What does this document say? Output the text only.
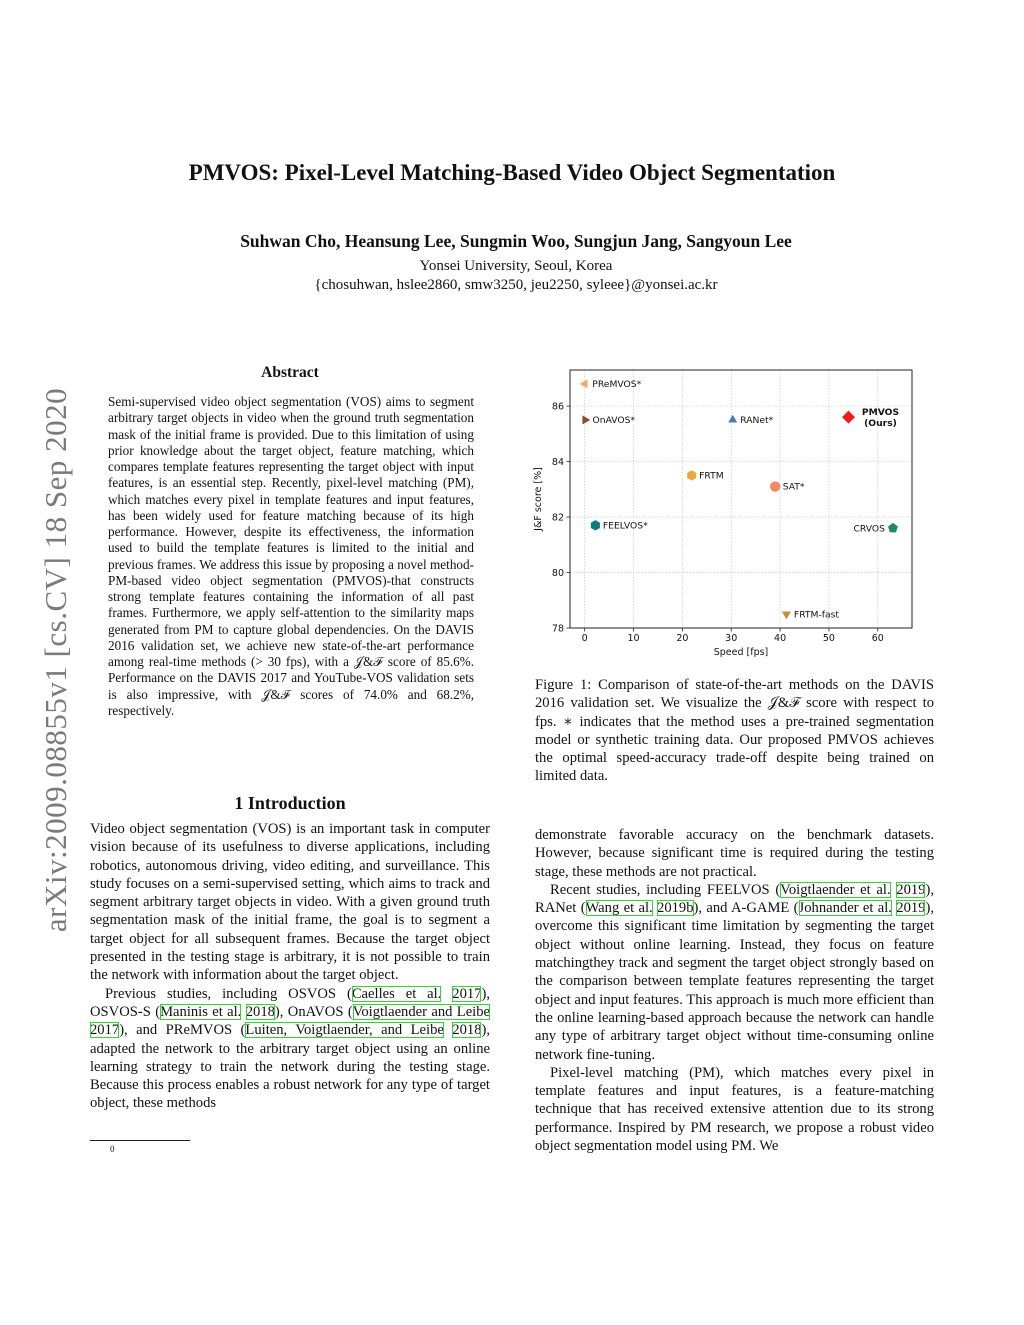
arXiv:2009.08855v1 [cs.CV] 18 Sep 2020
PMVOS: Pixel-Level Matching-Based Video Object Segmentation

Suhwan Cho, Heansung Lee, Sungmin Woo, Sungjun Jang, Sangyoun Lee

Yonsei University, Seoul, Korea
{chosuhwan, hslee2860, smw3250, jeu2250, syleee}@yonsei.ac.kr
Abstract

Semi-supervised video object segmentation (VOS) aims to segment arbitrary target objects in video when the ground truth segmentation mask of the initial frame is provided. Due to this limitation of using prior knowledge about the target object, feature matching, which compares template features representing the target object with input features, is an essential step. Recently, pixel-level matching (PM), which matches every pixel in template features and input features, has been widely used for feature matching because of its high performance. However, despite its effectiveness, the information used to build the template features is limited to the initial and previous frames. We address this issue by proposing a novel method-PM-based video object segmentation (PMVOS)-that constructs strong template features containing the information of all past frames. Furthermore, we apply self-attention to the similarity maps generated from PM to capture global dependencies. On the DAVIS 2016 validation set, we achieve new state-of-the-art performance among real-time methods (> 30 fps), with a 𝒥&ℱ score of 85.6%. Performance on the DAVIS 2017 and YouTube-VOS validation sets is also impressive, with 𝒥&ℱ scores of 74.0% and 68.2%, respectively.

1 Introduction

Video object segmentation (VOS) is an important task in computer vision because of its usefulness to diverse applications, including robotics, autonomous driving, video editing, and surveillance. This study focuses on a semi-supervised setting, which aims to track and segment arbitrary target objects in video. With a given ground truth segmentation mask of the initial frame, the goal is to segment a target object for all subsequent frames. Because the target object presented in the testing stage is arbitrary, it is not possible to train the network with information about the target object.

Previous studies, including OSVOS (Caelles et al. 2017), OSVOS-S (Maninis et al. 2018), OnAVOS (Voigtlaender and Leibe 2017), and PReMVOS (Luiten, Voigtlaender, and Leibe 2018), adapted the network to the arbitrary target object using an online learning strategy to train the network during the testing stage. Because this process enables a robust network for any type of target object, these methods

0

0	10	20	30	40	50	60
78
80
82
84
86
PReMVOS*
OnAVOS*	RANet*
PMVOS
(Ours)
FRTM
SAT*
FEELVOS*	CRVOS
FRTM-fast
Speed [fps]
J&F score [%]

Figure 1: Comparison of state-of-the-art methods on the DAVIS 2016 validation set. We visualize the 𝒥&ℱ score with respect to fps. ∗ indicates that the method uses a pre-trained segmentation model or synthetic training data. Our proposed PMVOS achieves the optimal speed-accuracy trade-off despite being trained on limited data.

demonstrate favorable accuracy on the benchmark datasets. However, because significant time is required during the testing stage, these methods are not practical.

Recent studies, including FEELVOS (Voigtlaender et al. 2019), RANet (Wang et al. 2019b), and A-GAME (Johnander et al. 2019), overcome this significant time limitation by segmenting the target object without online learning. Instead, they focus on feature matchingthey track and segment the target object strongly based on the comparison between template features representing the target object and input features. This approach is much more efficient than the online learning-based approach because the network can handle any type of arbitrary target object without time-consuming online network fine-tuning.

Pixel-level matching (PM), which matches every pixel in template features and input features, is a feature-matching technique that has received extensive attention due to its strong performance. Inspired by PM research, we propose a robust video object segmentation model using PM. We
